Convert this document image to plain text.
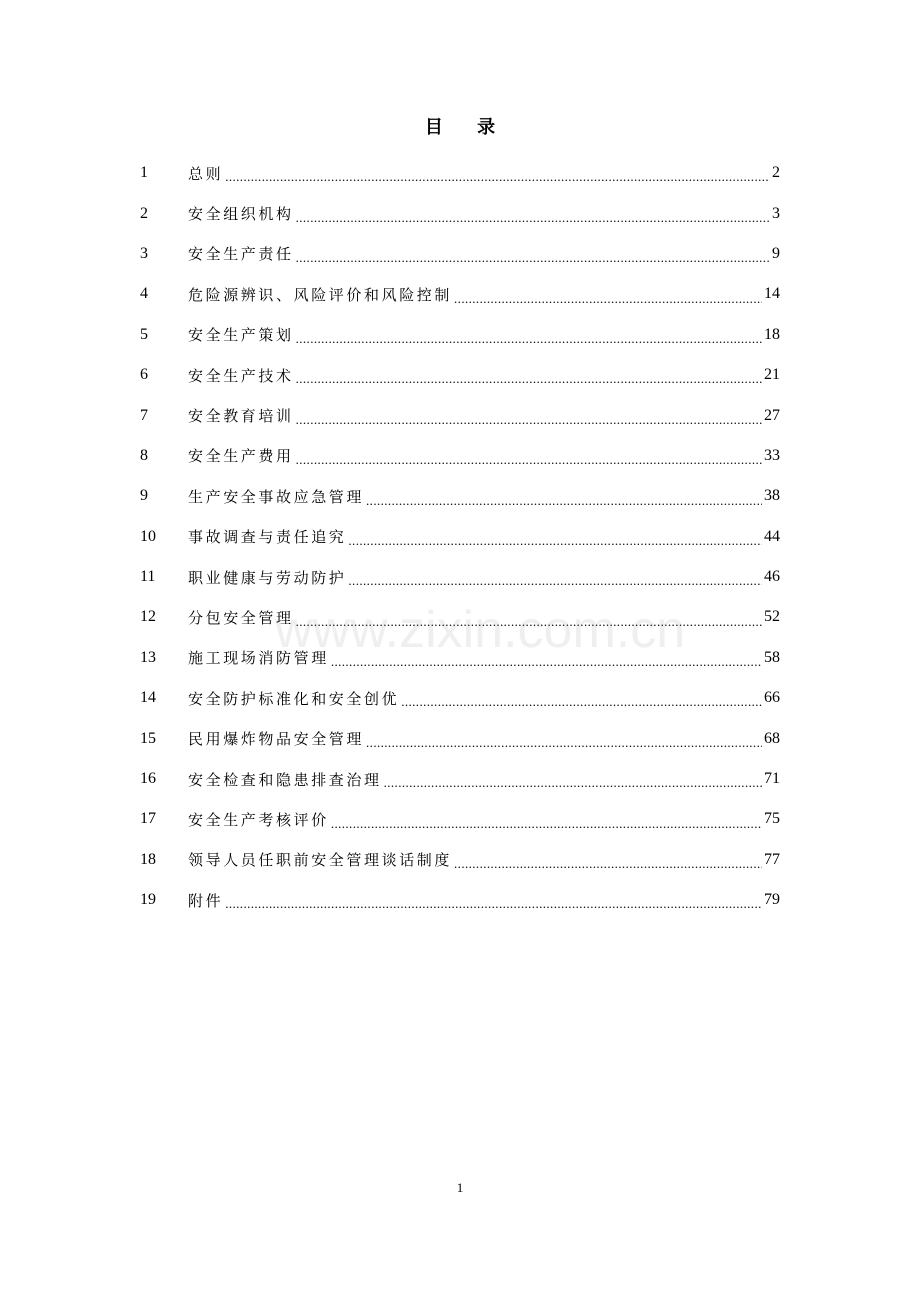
目 录
1	总则 .....	2
2	安全组织机构 .....	3
3	安全生产责任 .....	9
4	危险源辨识、风险评价和风险控制 .....	14
5	安全生产策划 .....	18
6	安全生产技术 .....	21
7	安全教育培训 .....	27
8	安全生产费用 .....	33
9	生产安全事故应急管理 .....	38
10	事故调查与责任追究 .....	44
11	职业健康与劳动防护 .....	46
12	分包安全管理 .....	52
13	施工现场消防管理 .....	58
14	安全防护标准化和安全创优 .....	66
15	民用爆炸物品安全管理 .....	68
16	安全检查和隐患排查治理 .....	71
17	安全生产考核评价 .....	75
18	领导人员任职前安全管理谈话制度 .....	77
19	附件 .....	79
www.zixin.com.cn
1
